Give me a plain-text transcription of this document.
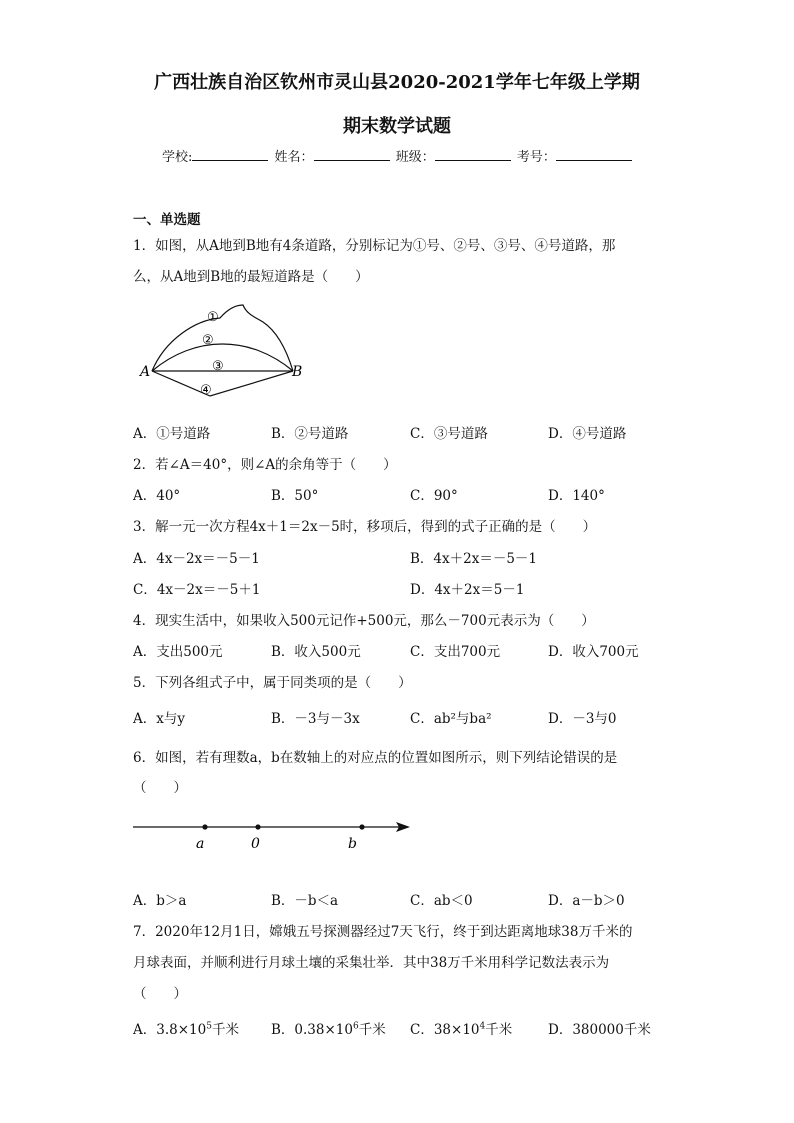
广西壮族自治区钦州市灵山县2020-2021学年七年级上学期
期末数学试题
学校:	姓名：	班级：	考号：
一、单选题
1．如图，从A地到B地有4条道路，分别标记为①号、②号、③号、④号道路，那
么，从A地到B地的最短道路是（　　）
A	B
①
②
③
④
A．①号道路	B．②号道路	C．③号道路	D．④号道路
2．若∠A＝40°，则∠A的余角等于（　　）
A．40°	B．50°	C．90°	D．140°
3．解一元一次方程4x＋1＝2x－5时，移项后，得到的式子正确的是（　　）
A．4x－2x＝－5－1	B．4x＋2x＝－5－1
C．4x－2x＝－5＋1	D．4x＋2x＝5－1
4．现实生活中，如果收入500元记作+500元，那么－700元表示为（　　）
A．支出500元	B．收入500元	C．支出700元	D．收入700元
5．下列各组式子中，属于同类项的是（　　）
A．x与y	B．－3与－3x	C．ab²与ba²	D．－3与0
6．如图，若有理数a，b在数轴上的对应点的位置如图所示，则下列结论错误的是
（　　）
a	0	b
A．b＞a	B．－b＜a	C．ab＜0	D．a－b＞0
7．2020年12月1日，嫦娥五号探测器经过7天飞行，终于到达距离地球38万千米的
月球表面，并顺利进行月球土壤的采集壮举．其中38万千米用科学记数法表示为
（　　）
A．$3.8\times 10^5$千米 B．$0.38\times 10^6$千米 C．$38\times 10^4$千米	D．380000千米
